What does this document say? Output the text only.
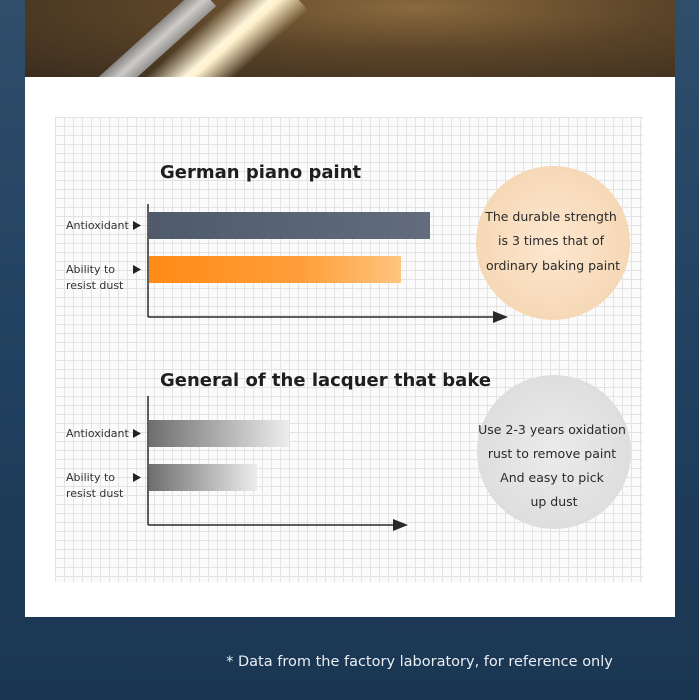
German piano paint
Antioxidant
Ability to resist dust
The durable strength is 3 times that of ordinary baking paint
General of the lacquer that bake
Antioxidant
Ability to resist dust
Use 2-3 years oxidation rust to remove paint And easy to pick up dust
* Data from the factory laboratory, for reference only
